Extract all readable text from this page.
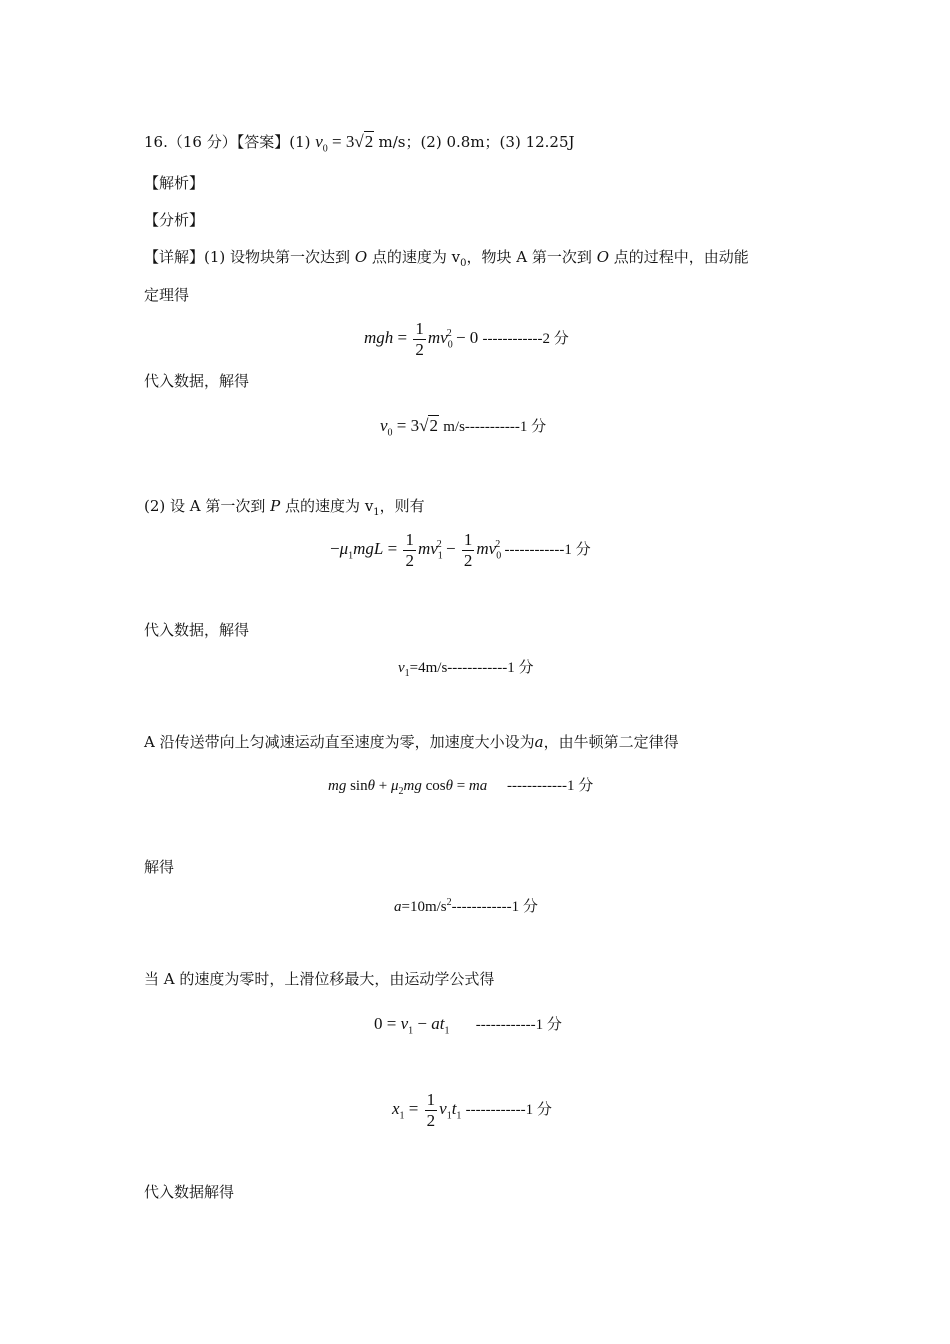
16.（16 分）【答案】(1) $v_0 = 3√2$ m/s；(2) 0.8m；(3) 12.25J
【解析】
【分析】
【详解】(1) 设物块第一次达到 O 点的速度为 $v_0$，物块 A 第一次到 O 点的过程中，由动能
定理得
mgh = $\frac{1}{2} mv_0^2 - 0$ ------------2 分
代入数据，解得
$v_0 = 3√2$ m/s-----------1 分
(2) 设 A 第一次到 P 点的速度为 $v_1$，则有
$-\mu_1mgL = \frac{1}{2} mv_1^2 - \frac{1}{2} mv_0^2$ ------------1 分
代入数据，解得
$v_1=4m/s------------1$ 分
A 沿传送带向上匀减速运动直至速度为零，加速度大小设为a，由牛顿第二定律得
mg $\sin\theta + \mu_2mg$ cosθ = ma ------------1 分
解得
$a=10m/s^2------------1$ 分
当 A 的速度为零时，上滑位移最大，由运动学公式得
$0 = v_1 - at_1$ ------------1 分
$x_1 = \frac{1}{2} v_1t_1$ ------------1 分
代入数据解得
